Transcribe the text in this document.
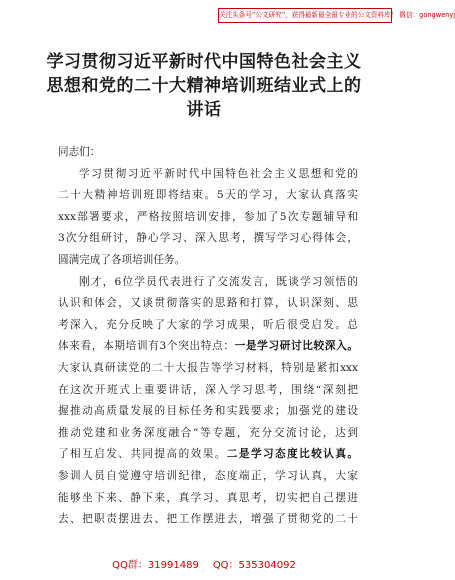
关注头条号“公文研究”，获得最新最全最专业的公文资料库！ 微信：gongwenyj
学习贯彻习近平新时代中国特色社会主义
思想和党的二十大精神培训班结业式上的
讲话
同志们：
学习贯彻习近平新时代中国特色社会主义思想和党的
二十大精神培训班即将结束。5天的学习，大家认真落实
xxx部署要求，严格按照培训安排，参加了5次专题辅导和
3次分组研讨，静心学习、深入思考，撰写学习心得体会，
圆满完成了各项培训任务。
刚才，6位学员代表进行了交流发言，既谈学习领悟的
认识和体会，又谈贯彻落实的思路和打算，认识深刻、思
考深入，充分反映了大家的学习成果，听后很受启发。总
体来看，本期培训有3个突出特点：一是学习研讨比较深入。
大家认真研读党的二十大报告等学习材料，特别是紧扣xxx
在这次开班式上重要讲话，深入学习思考，围绕“深刻把
握推动高质量发展的目标任务和实践要求；加强党的建设
推动党建和业务深度融合”等专题，充分交流讨论，达到
了相互启发、共同提高的效果。二是学习态度比较认真。
参训人员自觉遵守培训纪律，态度端正，学习认真，大家
能够坐下来、静下来，真学习、真思考，切实把自己摆进
去、把职责摆进去、把工作摆进去，增强了贯彻党的二十
QQ群：31991489 QQ：535304092
